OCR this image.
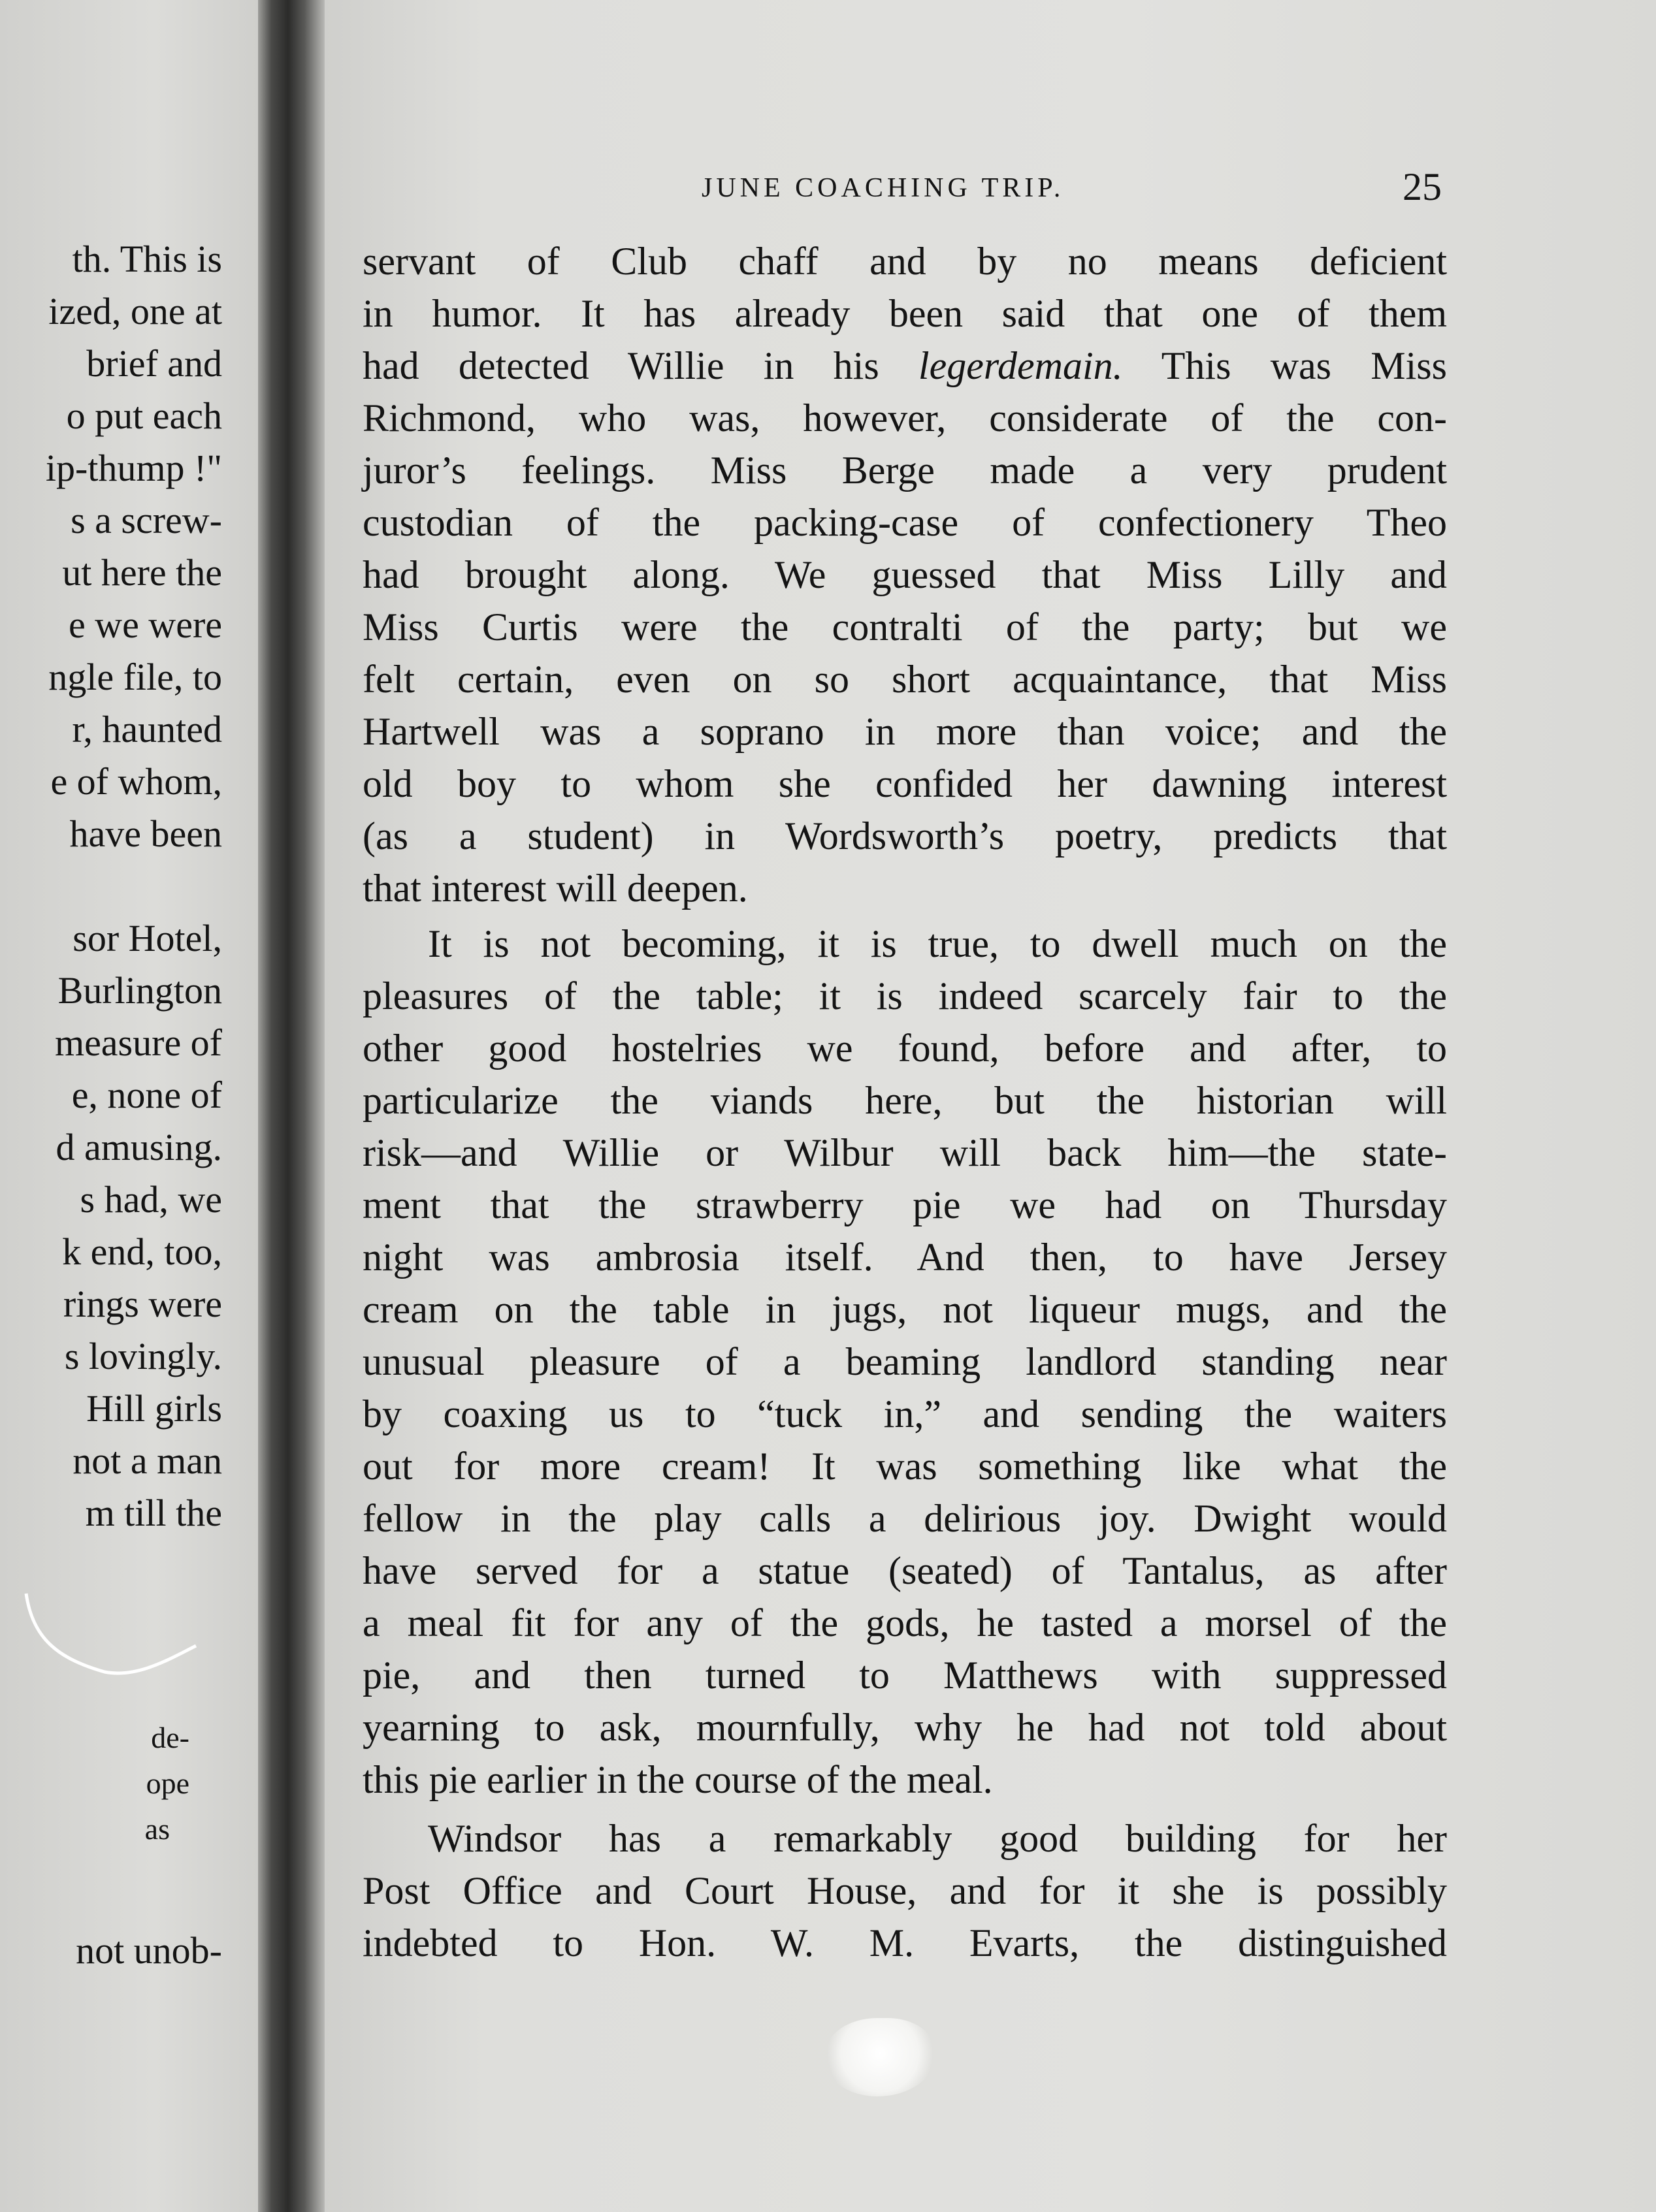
th. This is
ized, one at
brief and
o put each
ip-thump !"
s a screw-
ut here the
e we were
ngle file, to
r, haunted
e of whom,
have been
sor Hotel,
Burlington
measure of
e, none of
d amusing.
s had, we
k end, too,
rings were
s lovingly.
Hill girls
not a man
m till the
de-
ope
as
not unob-
JUNE COACHING TRIP.	25
servant of Club chaff and by no means deficient
in humor. It has already been said that one of them
had detected Willie in his legerdemain. This was Miss
Richmond, who was, however, considerate of the con-
juror’s feelings. Miss Berge made a very prudent
custodian of the packing-case of confectionery Theo
had brought along. We guessed that Miss Lilly and
Miss Curtis were the contralti of the party; but we
felt certain, even on so short acquaintance, that Miss
Hartwell was a soprano in more than voice; and the
old boy to whom she confided her dawning interest
(as a student) in Wordsworth’s poetry, predicts that
that interest will deepen.
It is not becoming, it is true, to dwell much on the
pleasures of the table; it is indeed scarcely fair to the
other good hostelries we found, before and after, to
particularize the viands here, but the historian will
risk—and Willie or Wilbur will back him—the state-
ment that the strawberry pie we had on Thursday
night was ambrosia itself. And then, to have Jersey
cream on the table in jugs, not liqueur mugs, and the
unusual pleasure of a beaming landlord standing near
by coaxing us to “tuck in,” and sending the waiters
out for more cream! It was something like what the
fellow in the play calls a delirious joy. Dwight would
have served for a statue (seated) of Tantalus, as after
a meal fit for any of the gods, he tasted a morsel of the
pie, and then turned to Matthews with suppressed
yearning to ask, mournfully, why he had not told about
this pie earlier in the course of the meal.
Windsor has a remarkably good building for her
Post Office and Court House, and for it she is possibly
indebted to Hon. W. M. Evarts, the distinguished
